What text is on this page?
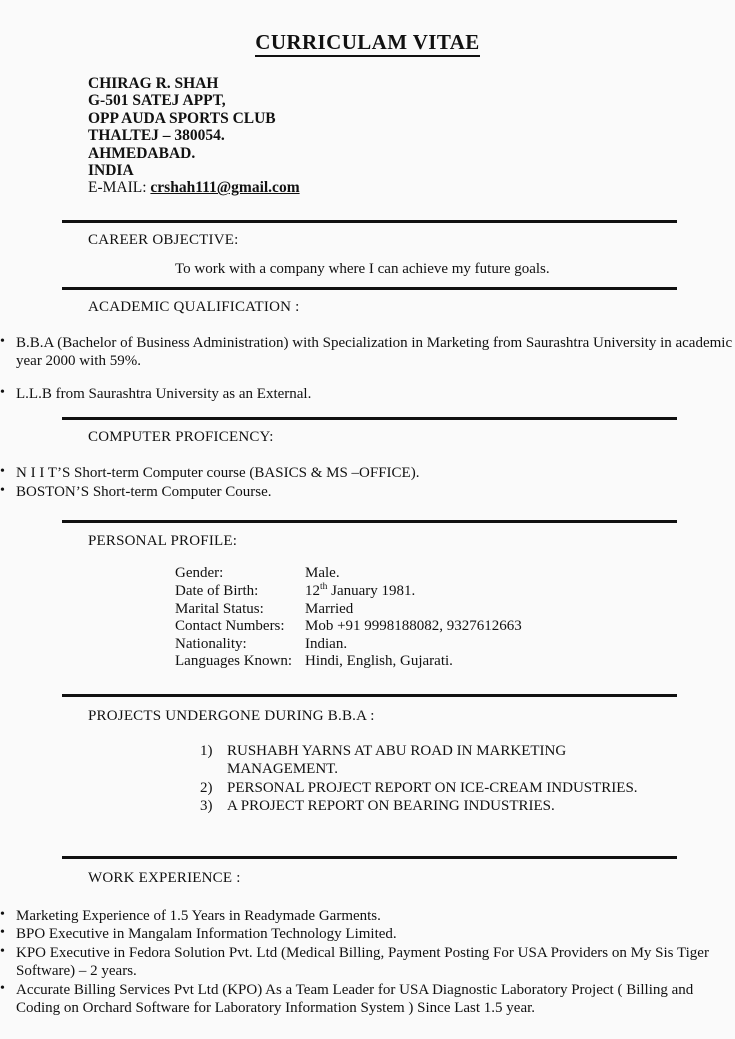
CURRICULAM VITAE
CHIRAG R. SHAH
G-501 SATEJ APPT,
OPP AUDA SPORTS CLUB
THALTEJ – 380054.
AHMEDABAD.
INDIA
E-MAIL: crshah111@gmail.com
CAREER OBJECTIVE:
To work with a company where I can achieve my future goals.
ACADEMIC QUALIFICATION :
• B.B.A (Bachelor of Business Administration) with Specialization in Marketing from Saurashtra University in academic year 2000 with 59%.
• L.L.B from Saurashtra University as an External.
COMPUTER PROFICENCY:
• N I I T’S Short-term Computer course (BASICS & MS –OFFICE).
• BOSTON’S Short-term Computer Course.
PERSONAL PROFILE:
Gender:	Male.
Date of Birth:	12th January 1981.
Marital Status:	Married
Contact Numbers:	Mob +91 9998188082, 9327612663
Nationality:	Indian.
Languages Known:	Hindi, English, Gujarati.
PROJECTS UNDERGONE DURING B.B.A :
1) RUSHABH YARNS AT ABU ROAD IN MARKETING MANAGEMENT.
2) PERSONAL PROJECT REPORT ON ICE-CREAM INDUSTRIES.
3) A PROJECT REPORT ON BEARING INDUSTRIES.
WORK EXPERIENCE :
• Marketing Experience of 1.5 Years in Readymade Garments.
• BPO Executive in Mangalam Information Technology Limited.
• KPO Executive in Fedora Solution Pvt. Ltd (Medical Billing, Payment Posting For USA Providers on My Sis Tiger Software) – 2 years.
• Accurate Billing Services Pvt Ltd (KPO) As a Team Leader for USA Diagnostic Laboratory Project ( Billing and Coding on Orchard Software for Laboratory Information System ) Since Last 1.5 year.
